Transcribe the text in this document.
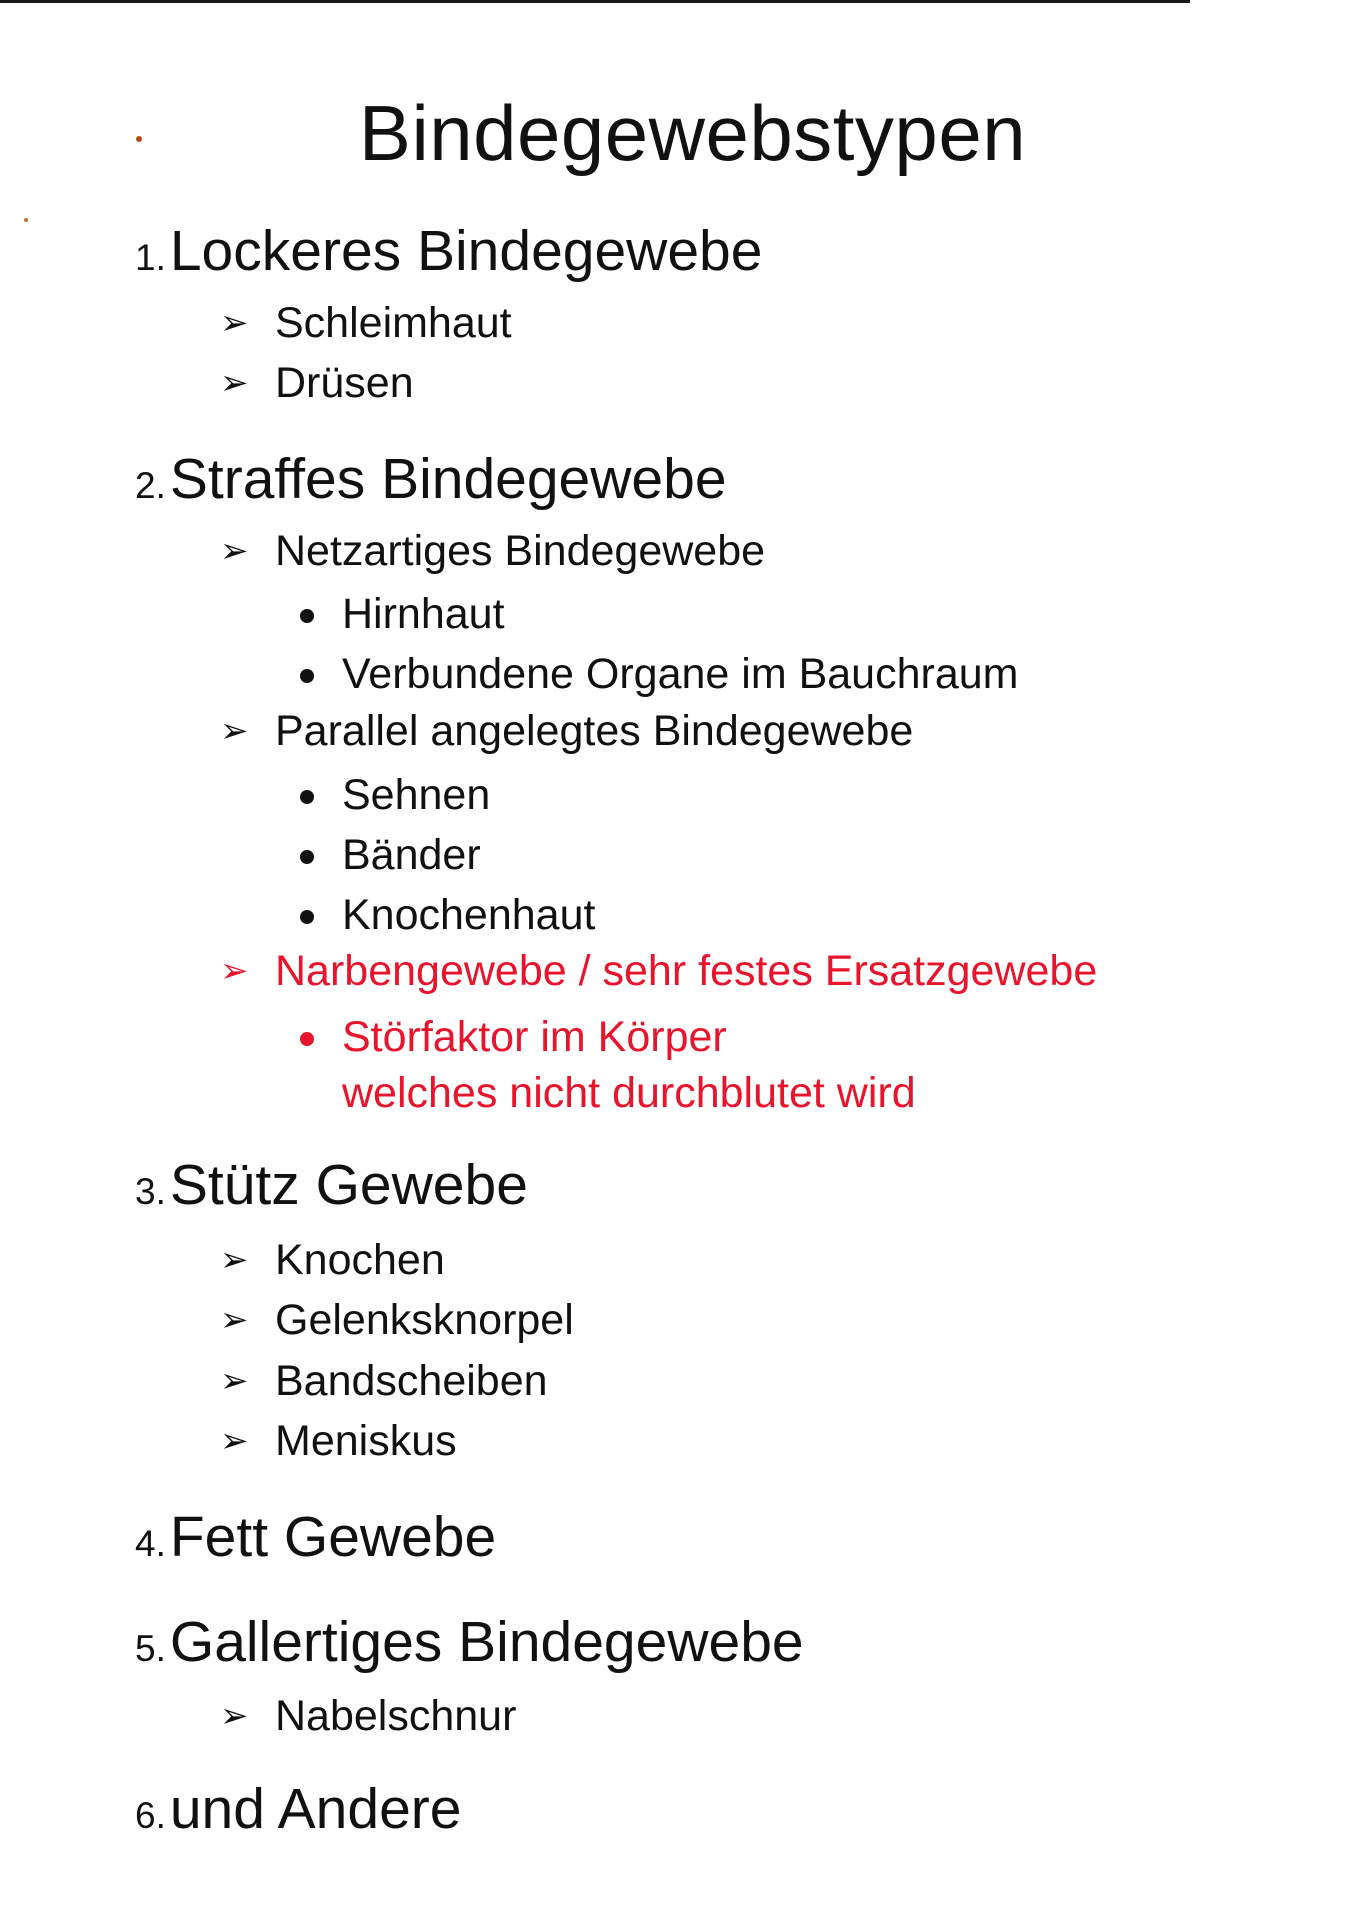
Bindegewebstypen
1.Lockeres Bindegewebe
➢ Schleimhaut
➢ Drüsen
2.Straffes Bindegewebe
➢ Netzartiges Bindegewebe
Hirnhaut
Verbundene Organe im Bauchraum
➢ Parallel angelegtes Bindegewebe
Sehnen
Bänder
Knochenhaut
➢ Narbengewebe / sehr festes Ersatzgewebe
Störfaktor im Körper
welches nicht durchblutet wird
3.Stütz Gewebe
➢ Knochen
➢ Gelenksknorpel
➢ Bandscheiben
➢ Meniskus
4.Fett Gewebe
5.Gallertiges Bindegewebe
➢ Nabelschnur
6.und Andere
